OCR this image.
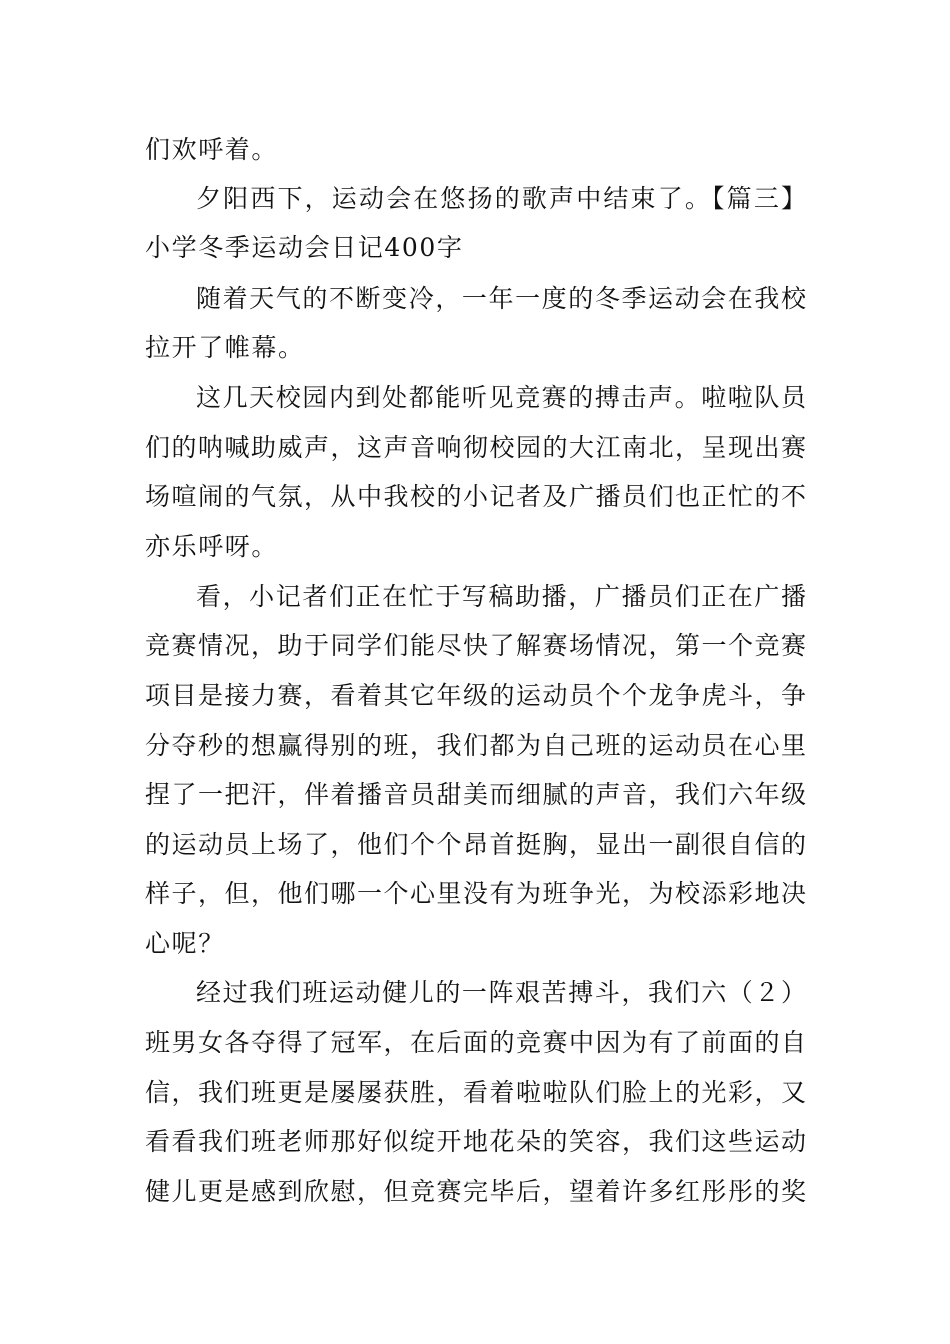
们欢呼着。
夕阳西下，运动会在悠扬的歌声中结束了。【篇三】
小学冬季运动会日记400字
随着天气的不断变冷，一年一度的冬季运动会在我校
拉开了帷幕。
这几天校园内到处都能听见竞赛的搏击声。啦啦队员
们的呐喊助威声，这声音响彻校园的大江南北，呈现出赛
场喧闹的气氛，从中我校的小记者及广播员们也正忙的不
亦乐呼呀。
看，小记者们正在忙于写稿助播，广播员们正在广播
竞赛情况，助于同学们能尽快了解赛场情况，第一个竞赛
项目是接力赛，看着其它年级的运动员个个龙争虎斗，争
分夺秒的想赢得别的班，我们都为自己班的运动员在心里
捏了一把汗，伴着播音员甜美而细腻的声音，我们六年级
的运动员上场了，他们个个昂首挺胸，显出一副很自信的
样子，但，他们哪一个心里没有为班争光，为校添彩地决
心呢？
经过我们班运动健儿的一阵艰苦搏斗，我们六（２）
班男女各夺得了冠军，在后面的竞赛中因为有了前面的自
信，我们班更是屡屡获胜，看着啦啦队们脸上的光彩，又
看看我们班老师那好似绽开地花朵的笑容，我们这些运动
健儿更是感到欣慰，但竞赛完毕后，望着许多红彤彤的奖
